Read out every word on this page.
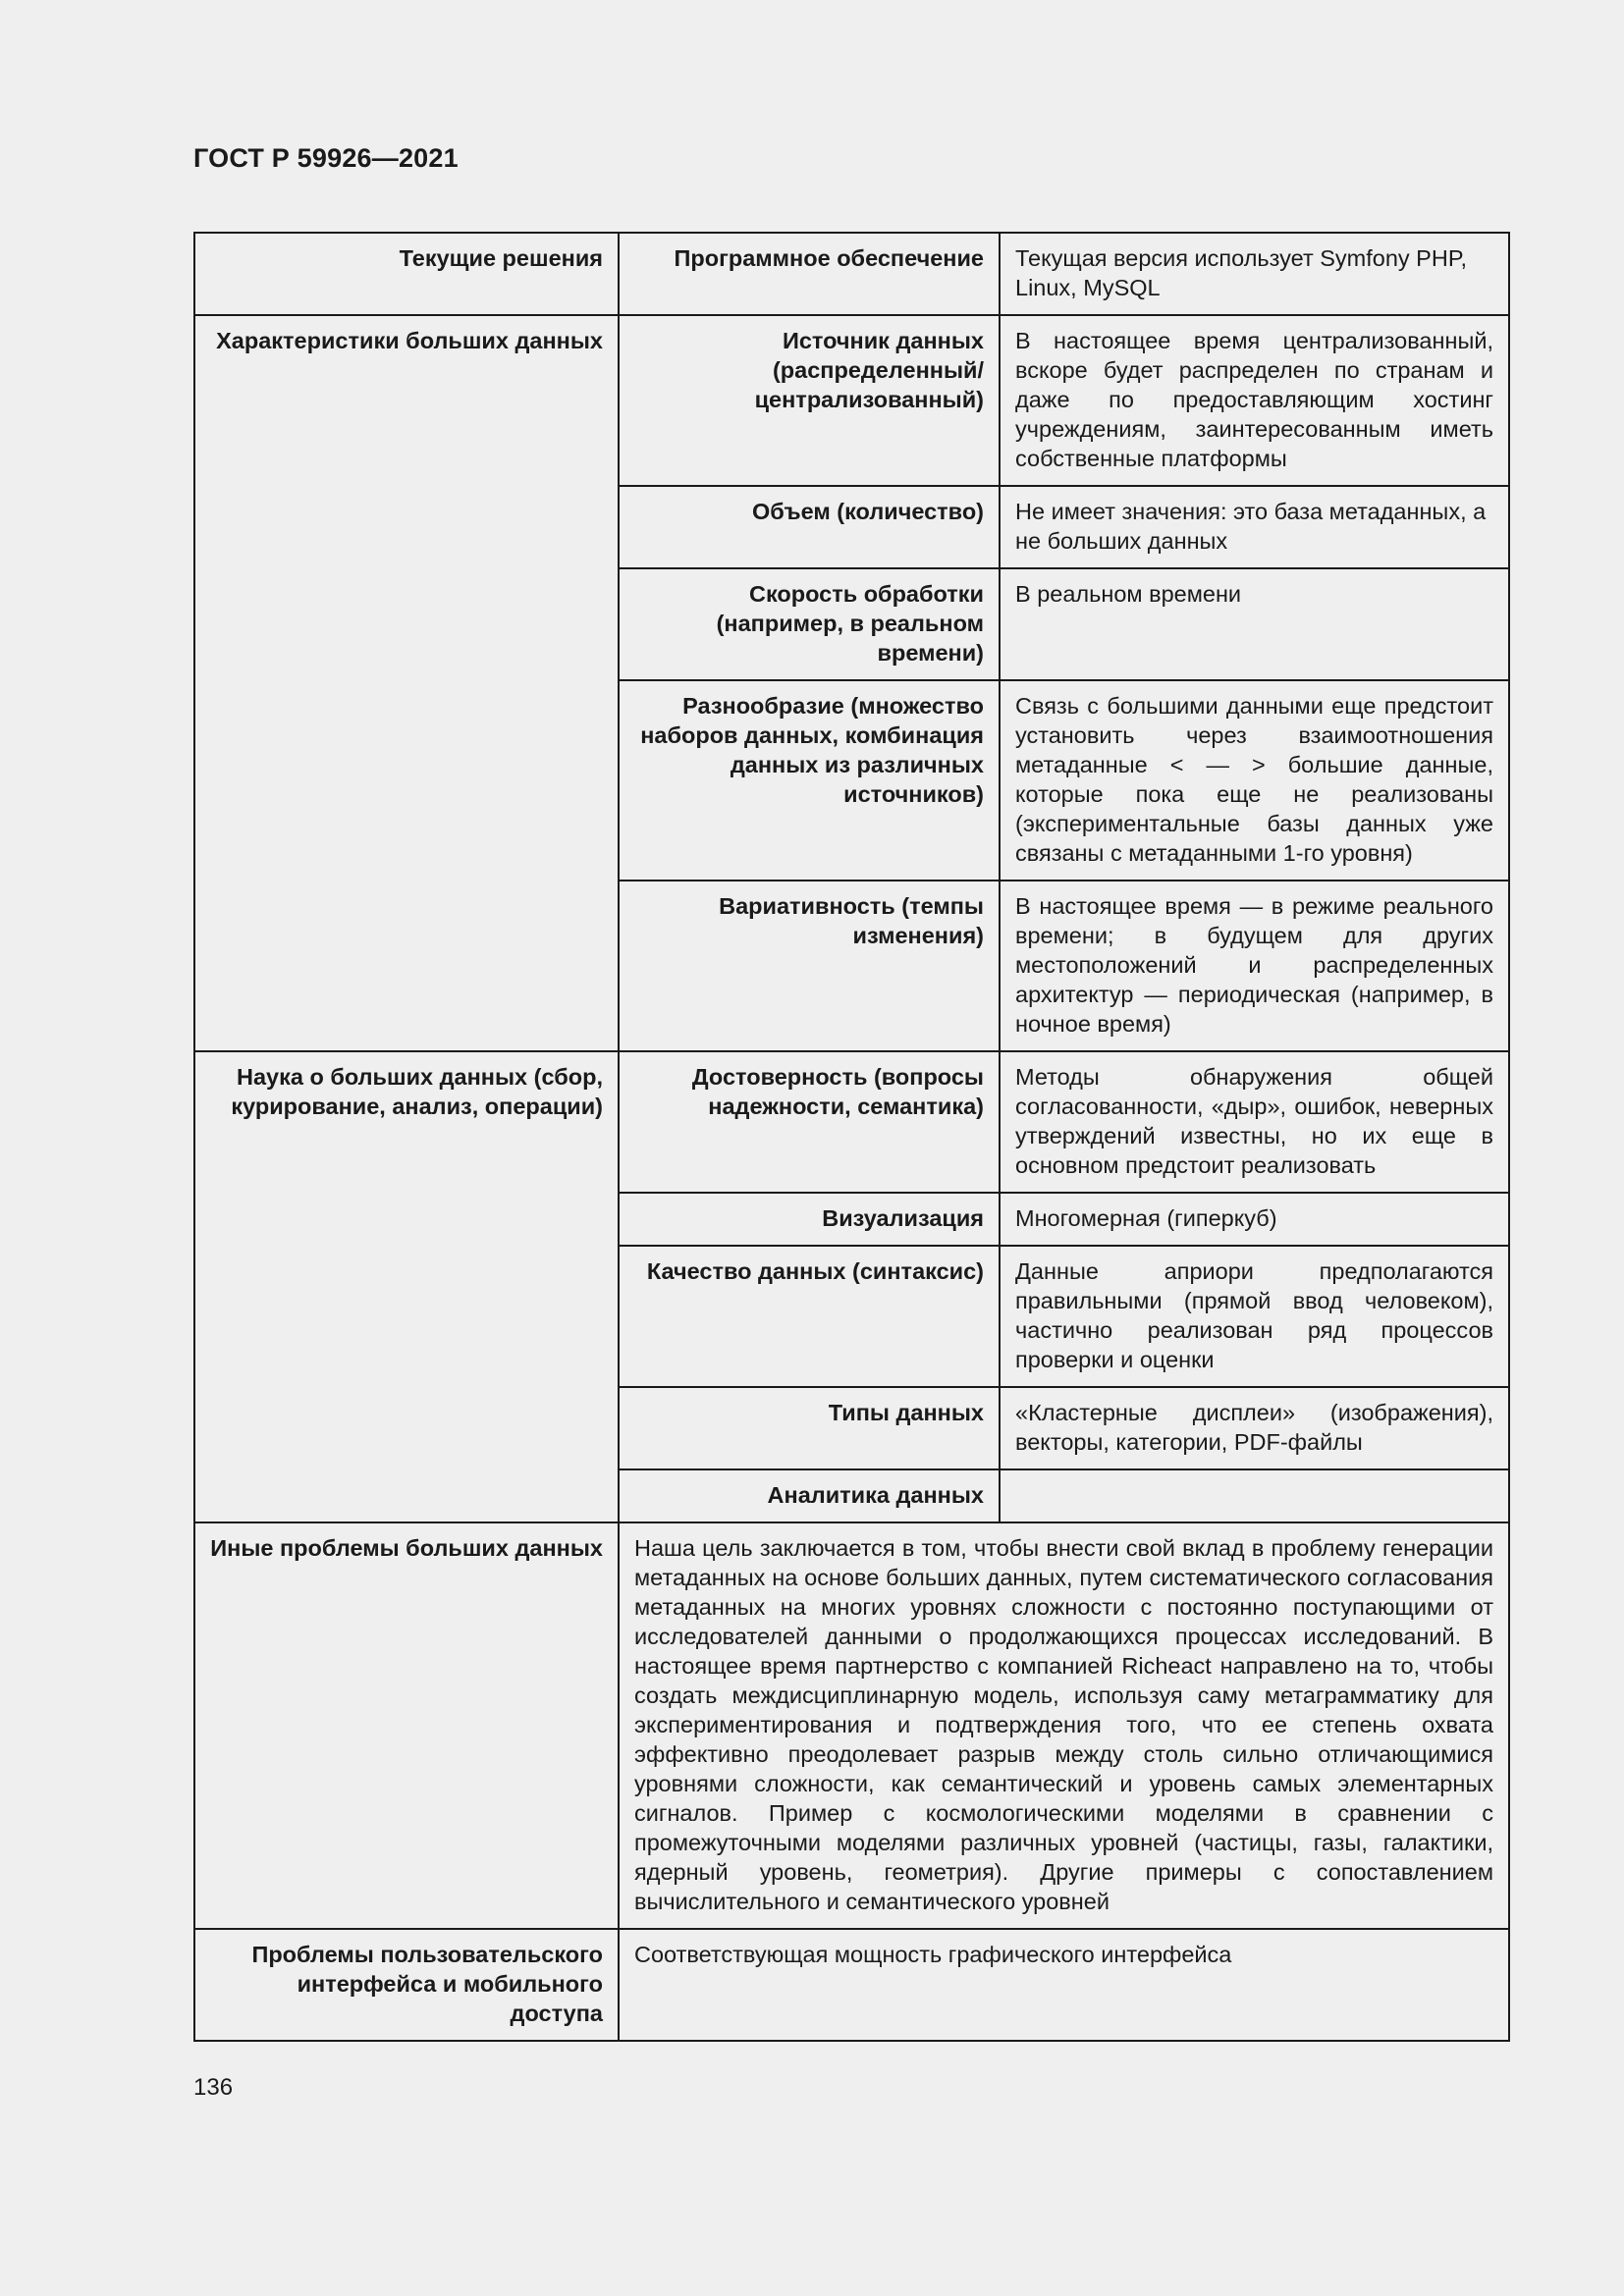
ГОСТ Р 59926—2021
Текущие решения	Программное обеспечение	Текущая версия использует Symfony PHP, Linux, MySQL
Характеристики больших данных	Источник данных (распределенный/ централизованный)	В настоящее время централизованный, вскоре будет распределен по странам и даже по предоставляющим хостинг учреждениям, заинтересованным иметь собственные платформы
	Объем (количество)	Не имеет значения: это база метаданных, а не больших данных
	Скорость обработки (например, в реальном времени)	В реальном времени
	Разнообразие (множество наборов данных, комбинация данных из различных источников)	Связь с большими данными еще предстоит установить через взаимоотношения метаданные < — > большие данные, которые пока еще не реализованы (экспериментальные базы данных уже связаны с метаданными 1-го уровня)
	Вариативность (темпы изменения)	В настоящее время — в режиме реального времени; в будущем для других местоположений и распределенных архитектур — периодическая (например, в ночное время)
Наука о больших данных (сбор, курирование, анализ, операции)	Достоверность (вопросы надежности, семантика)	Методы обнаружения общей согласованности, «дыр», ошибок, неверных утверждений известны, но их еще в основном предстоит реализовать
	Визуализация	Многомерная (гиперкуб)
	Качество данных (синтаксис)	Данные априори предполагаются правильными (прямой ввод человеком), частично реализован ряд процессов проверки и оценки
	Типы данных	«Кластерные дисплеи» (изображения), векторы, категории, PDF-файлы
	Аналитика данных	
Иные проблемы больших данных	Наша цель заключается в том, чтобы внести свой вклад в проблему генерации метаданных на основе больших данных, путем систематического согласования метаданных на многих уровнях сложности с постоянно поступающими от исследователей данными о продолжающихся процессах исследований. В настоящее время партнерство с компанией Richeact направлено на то, чтобы создать междисциплинарную модель, используя саму метаграмматику для экспериментирования и подтверждения того, что ее степень охвата эффективно преодолевает разрыв между столь сильно отличающимися уровнями сложности, как семантический и уровень самых элементарных сигналов. Пример с космологическими моделями в сравнении с промежуточными моделями различных уровней (частицы, газы, галактики, ядерный уровень, геометрия). Другие примеры с сопоставлением вычислительного и семантического уровней	
Проблемы пользовательского интерфейса и мобильного доступа	Соответствующая мощность графического интерфейса	
136
